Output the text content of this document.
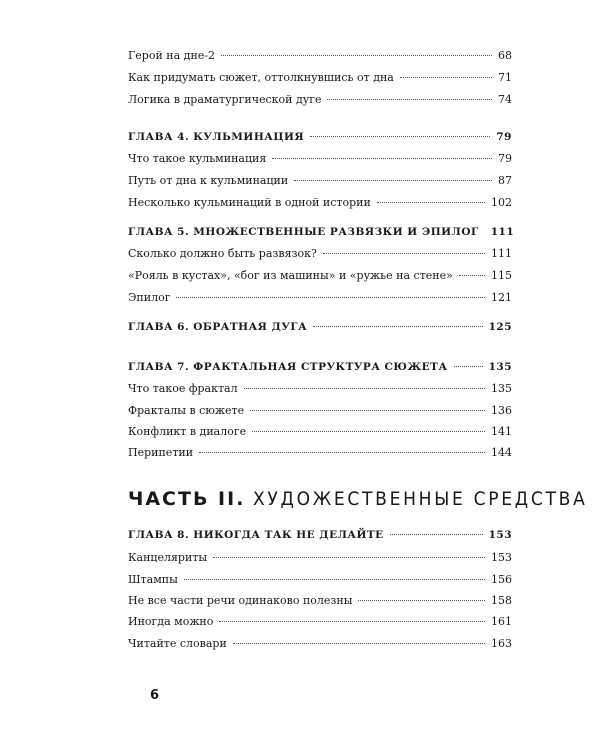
Герой на дне-2	68
Как придумать сюжет, оттолкнувшись от дна	71
Логика в драматургической дуге	74
ГЛАВА 4. КУЛЬМИНАЦИЯ	79
Что такое кульминация	79
Путь от дна к кульминации	87
Несколько кульминаций в одной истории	102
ГЛАВА 5. МНОЖЕСТВЕННЫЕ РАЗВЯЗКИ И ЭПИЛОГ 111
Сколько должно быть развязок?	111
«Рояль в кустах», «бог из машины» и «ружье на стене»	115
Эпилог	121
ГЛАВА 6. ОБРАТНАЯ ДУГА	125
ГЛАВА 7. ФРАКТАЛЬНАЯ СТРУКТУРА СЮЖЕТА	135
Что такое фрактал	135
Фракталы в сюжете	136
Конфликт в диалоге	141
Перипетии	144
ГЛАВА 8. НИКОГДА ТАК НЕ ДЕЛАЙТЕ	153
Канцеляриты	153
Штампы	156
Не все части речи одинаково полезны	158
Иногда можно	161
Читайте словари	163
ЧАСТЬ II. ХУДОЖЕСТВЕННЫЕ СРЕДСТВА
6
